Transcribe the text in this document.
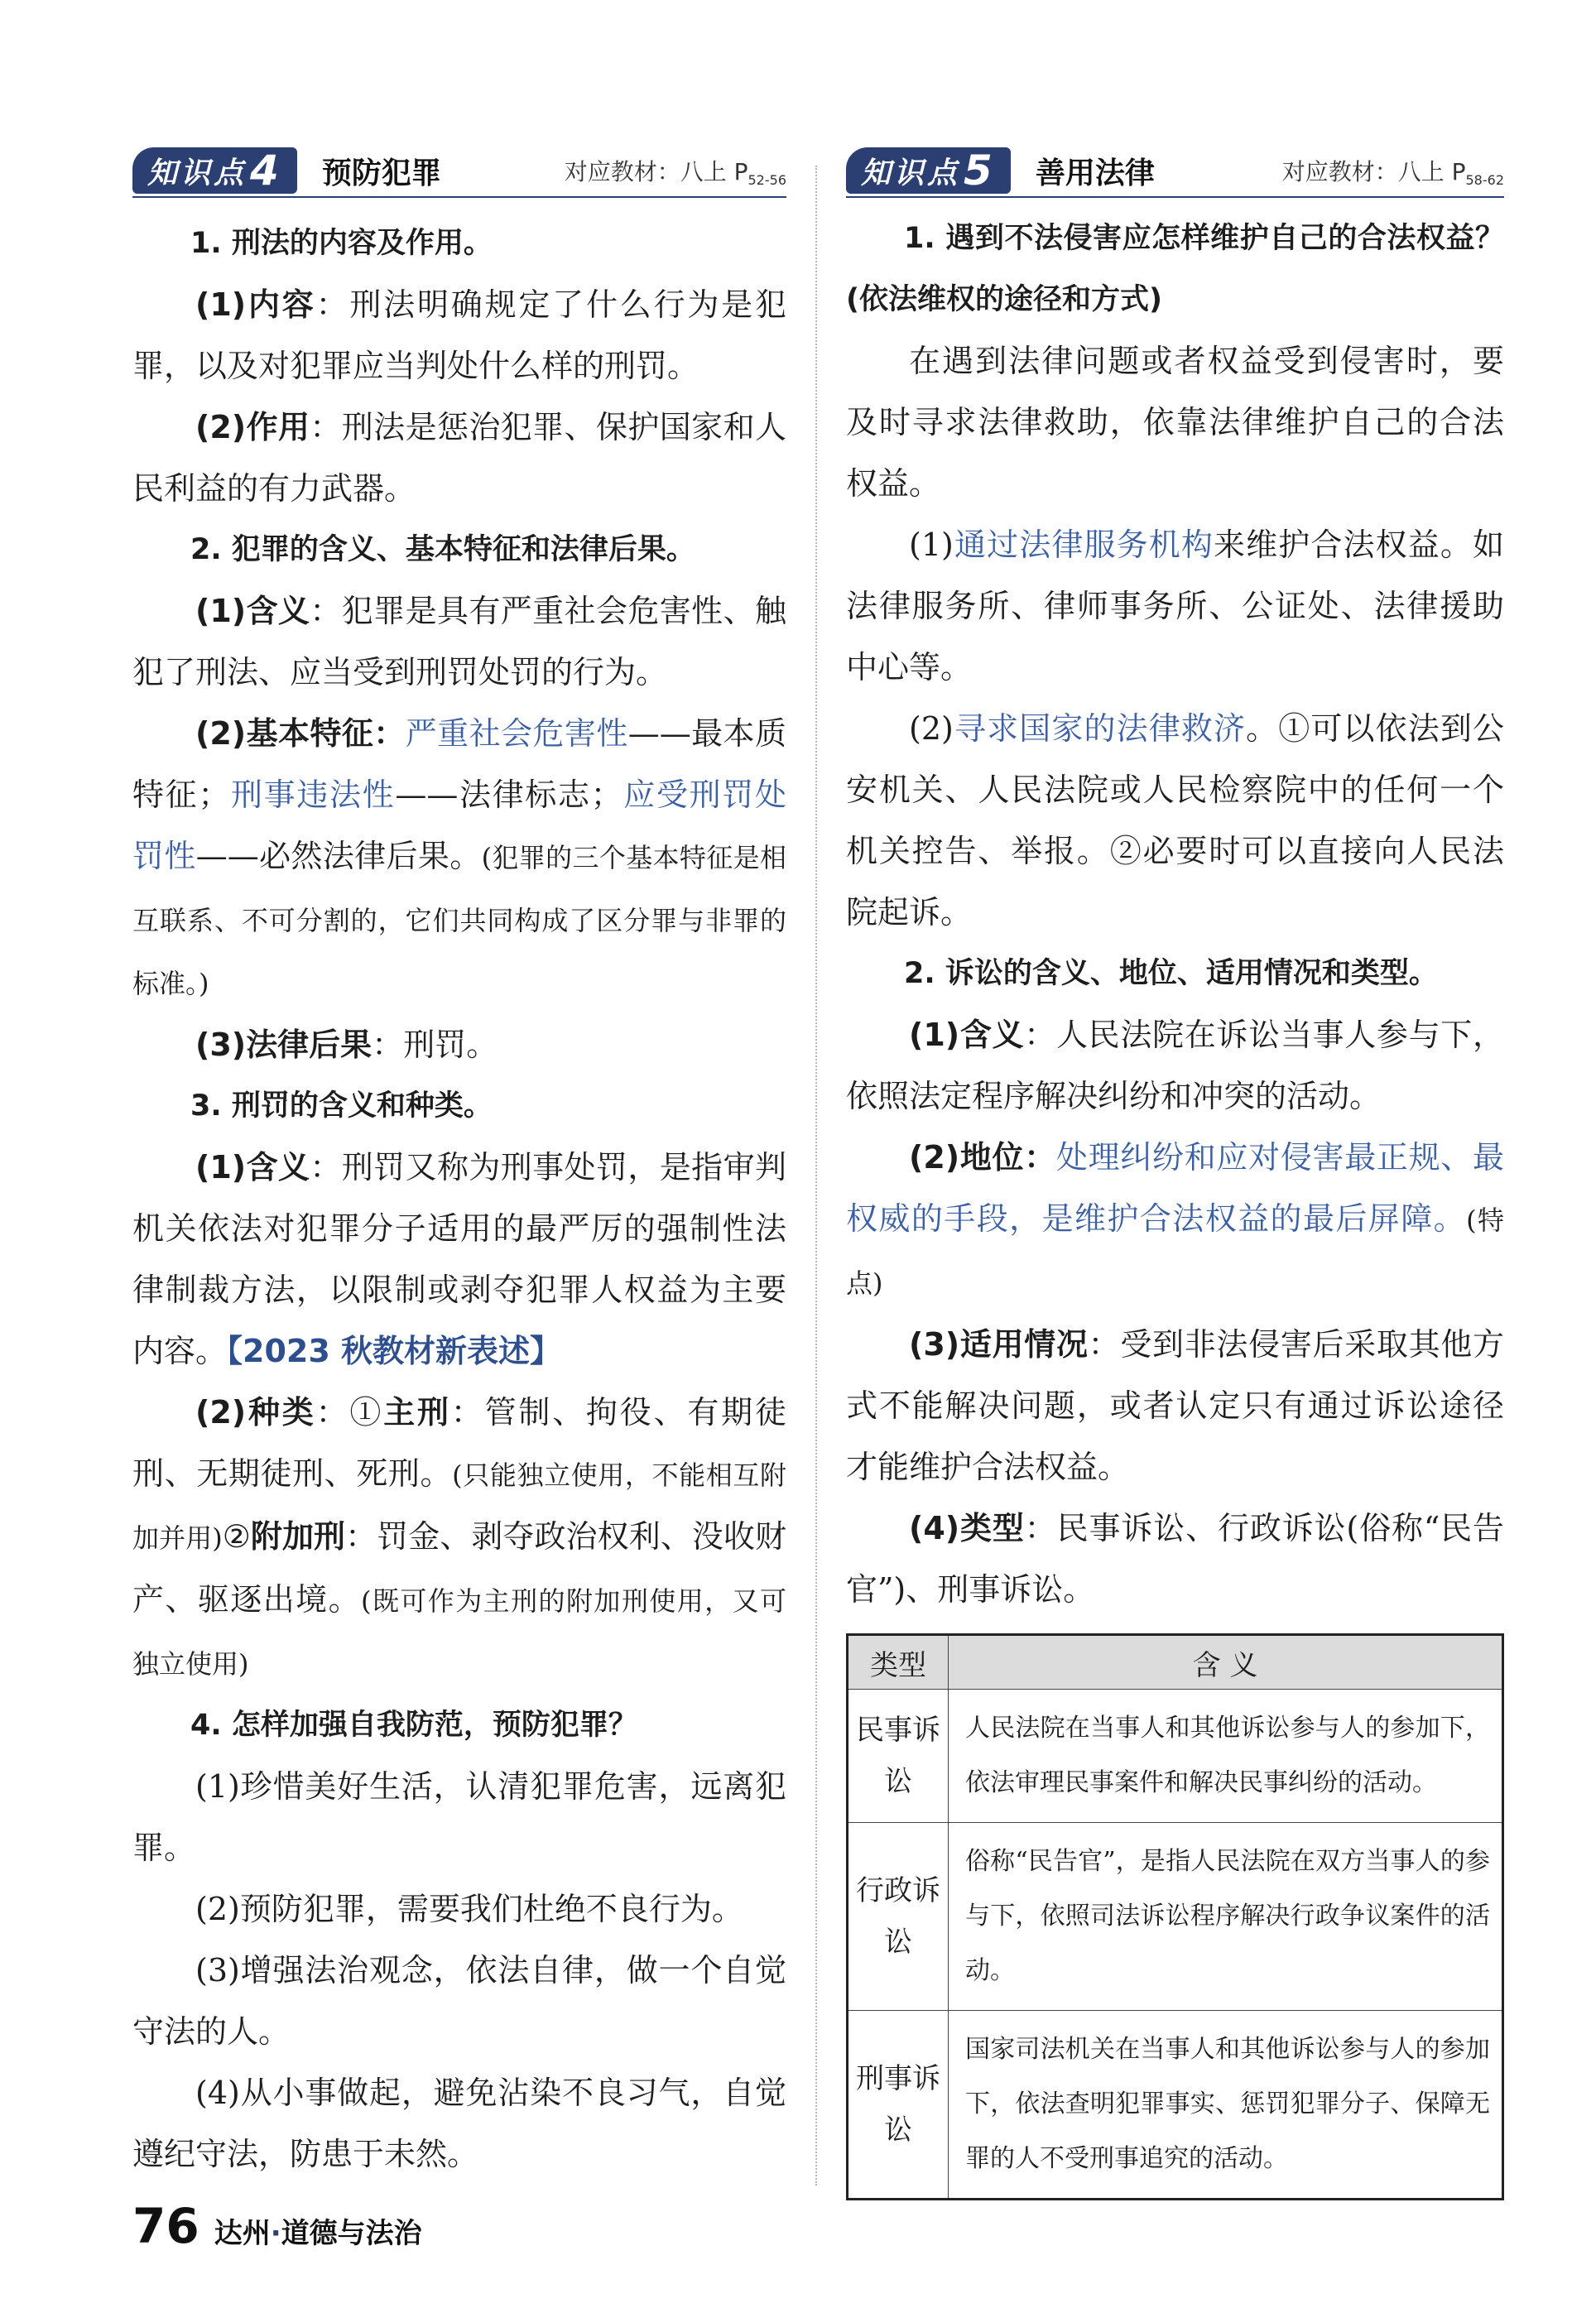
知识点 4 预防犯罪	对应教材：八上 $P_{52-56}$

1. 刑法的内容及作用。

(1)内容：刑法明确规定了什么行为是犯罪，以及对犯罪应当判处什么样的刑罚。

(2)作用：刑法是惩治犯罪、保护国家和人民利益的有力武器。

2. 犯罪的含义、基本特征和法律后果。

(1)含义：犯罪是具有严重社会危害性、触犯了刑法、应当受到刑罚处罚的行为。

(2)基本特征：严重社会危害性——最本质特征；刑事违法性——法律标志；应受刑罚处罚性——必然法律后果。(犯罪的三个基本特征是相互联系、不可分割的，它们共同构成了区分罪与非罪的标准。)

(3)法律后果：刑罚。

3. 刑罚的含义和种类。

(1)含义：刑罚又称为刑事处罚，是指审判机关依法对犯罪分子适用的最严厉的强制性法律制裁方法，以限制或剥夺犯罪人权益为主要内容。【2023 秋教材新表述】

(2)种类：①主刑：管制、拘役、有期徒刑、无期徒刑、死刑。(只能独立使用，不能相互附加并用)②附加刑：罚金、剥夺政治权利、没收财产、驱逐出境。(既可作为主刑的附加刑使用，又可独立使用)

4. 怎样加强自我防范，预防犯罪？

(1)珍惜美好生活，认清犯罪危害，远离犯罪。

(2)预防犯罪，需要我们杜绝不良行为。

(3)增强法治观念，依法自律，做一个自觉守法的人。

(4)从小事做起，避免沾染不良习气，自觉遵纪守法，防患于未然。

知识点 5 善用法律	对应教材：八上 $P_{58-62}$

1. 遇到不法侵害应怎样维护自己的合法权益？(依法维权的途径和方式)

在遇到法律问题或者权益受到侵害时，要及时寻求法律救助，依靠法律维护自己的合法权益。

(1)通过法律服务机构来维护合法权益。如法律服务所、律师事务所、公证处、法律援助中心等。

(2)寻求国家的法律救济。①可以依法到公安机关、人民法院或人民检察院中的任何一个机关控告、举报。②必要时可以直接向人民法院起诉。

2. 诉讼的含义、地位、适用情况和类型。

(1)含义：人民法院在诉讼当事人参与下，依照法定程序解决纠纷和冲突的活动。

(2)地位：处理纠纷和应对侵害最正规、最权威的手段，是维护合法权益的最后屏障。(特点)

(3)适用情况：受到非法侵害后采取其他方式不能解决问题，或者认定只有通过诉讼途径才能维护合法权益。

(4)类型：民事诉讼、行政诉讼(俗称“民告官”)、刑事诉讼。

类型	含 义
民事诉讼	人民法院在当事人和其他诉讼参与人的参加下，依法审理民事案件和解决民事纠纷的活动。
行政诉讼	俗称“民告官”，是指人民法院在双方当事人的参与下，依照司法诉讼程序解决行政争议案件的活动。
刑事诉讼	国家司法机关在当事人和其他诉讼参与人的参加下，依法查明犯罪事实、惩罚犯罪分子、保障无罪的人不受刑事追究的活动。
76 达州·道德与法治
